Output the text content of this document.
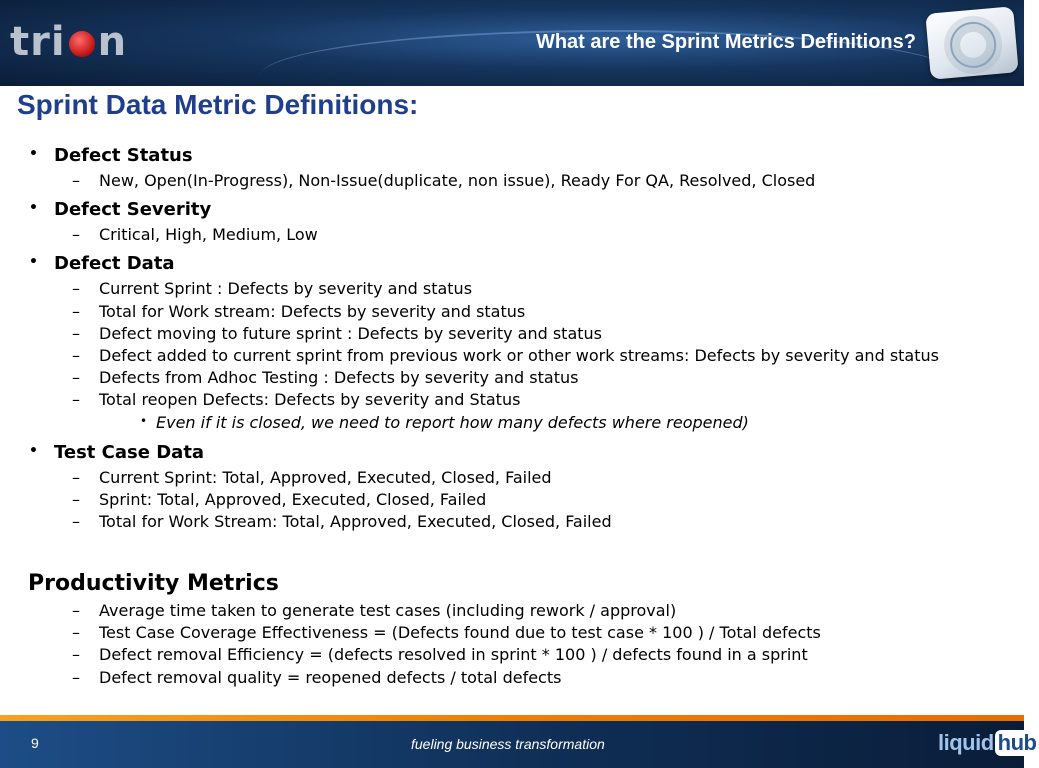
tri n	What are the Sprint Metrics Definitions?
Sprint Data Metric Definitions:
• Defect Status
– New, Open(In-Progress), Non-Issue(duplicate, non issue), Ready For QA, Resolved, Closed
• Defect Severity
– Critical, High, Medium, Low
• Defect Data
– Current Sprint : Defects by severity and status
– Total for Work stream: Defects by severity and status
– Defect moving to future sprint : Defects by severity and status
– Defect added to current sprint from previous work or other work streams: Defects by severity and status
– Defects from Adhoc Testing : Defects by severity and status
– Total reopen Defects: Defects by severity and Status
• Even if it is closed, we need to report how many defects where reopened)
• Test Case Data
– Current Sprint: Total, Approved, Executed, Closed, Failed
– Sprint: Total, Approved, Executed, Closed, Failed
– Total for Work Stream: Total, Approved, Executed, Closed, Failed
Productivity Metrics
– Average time taken to generate test cases (including rework / approval)
– Test Case Coverage Effectiveness = (Defects found due to test case * 100 ) / Total defects
– Defect removal Efficiency = (defects resolved in sprint * 100 ) / defects found in a sprint
– Defect removal quality = reopened defects / total defects
9	fueling business transformation	liquid hub
